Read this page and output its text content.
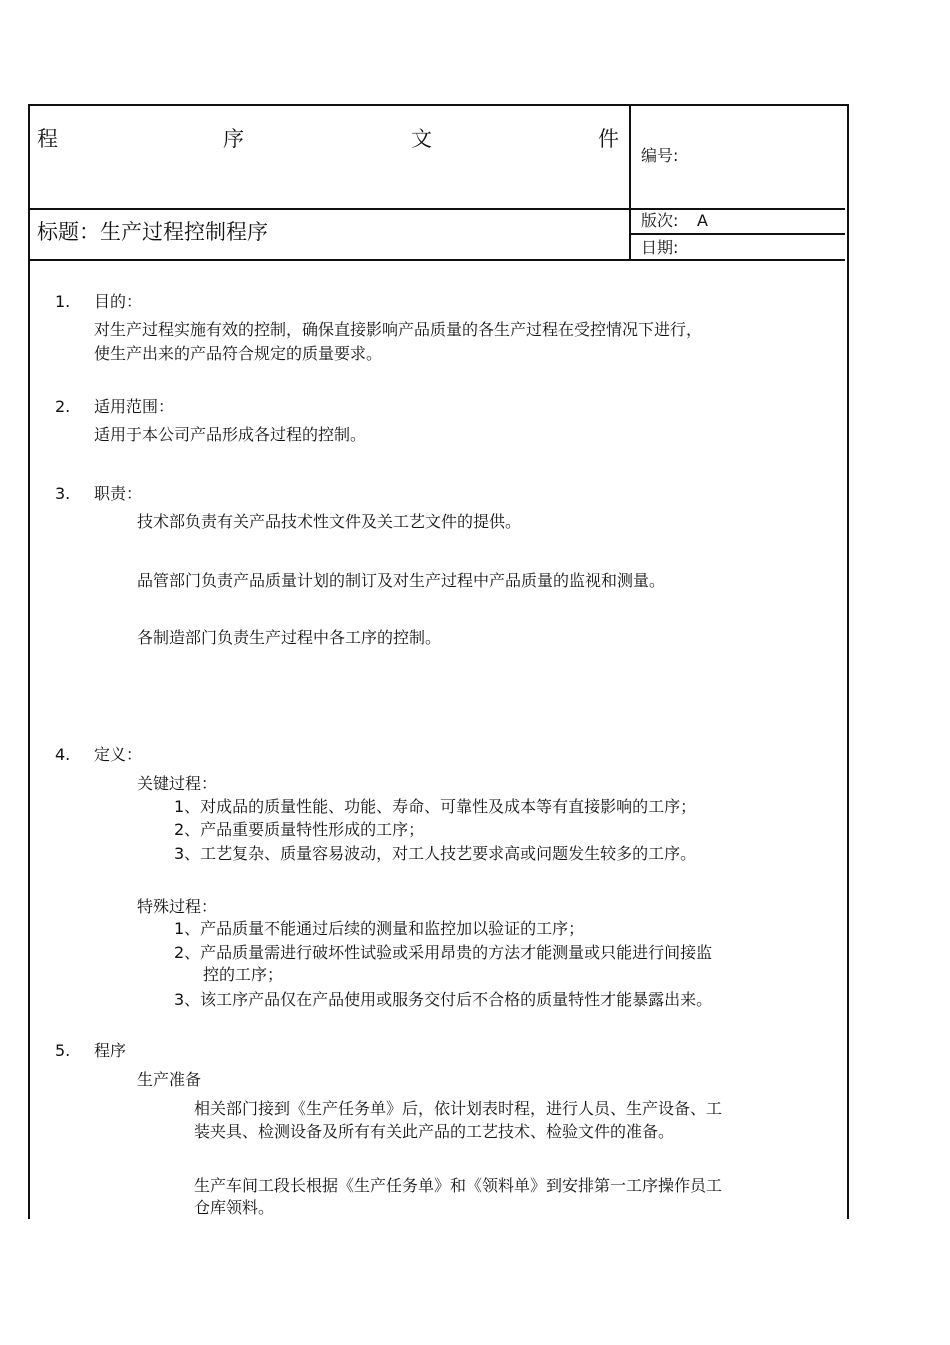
程	序	文	件
编号:
标题：生产过程控制程序	版次: A
日期:
1. 目的：
对生产过程实施有效的控制，确保直接影响产品质量的各生产过程在受控情况下进行，
使生产出来的产品符合规定的质量要求。
2. 适用范围：
适用于本公司产品形成各过程的控制。
3. 职责：
技术部负责有关产品技术性文件及关工艺文件的提供。
品管部门负责产品质量计划的制订及对生产过程中产品质量的监视和测量。
各制造部门负责生产过程中各工序的控制。
4. 定义：
关键过程：
1、对成品的质量性能、功能、寿命、可靠性及成本等有直接影响的工序；
2、产品重要质量特性形成的工序；
3、工艺复杂、质量容易波动，对工人技艺要求高或问题发生较多的工序。
特殊过程：
1、产品质量不能通过后续的测量和监控加以验证的工序；
2、产品质量需进行破坏性试验或采用昂贵的方法才能测量或只能进行间接监
控的工序；
3、该工序产品仅在产品使用或服务交付后不合格的质量特性才能暴露出来。
5. 程序
生产准备
相关部门接到《生产任务单》后，依计划表时程，进行人员、生产设备、工
装夹具、检测设备及所有有关此产品的工艺技术、检验文件的准备。
生产车间工段长根据《生产任务单》和《领料单》到安排第一工序操作员工
仓库领料。
